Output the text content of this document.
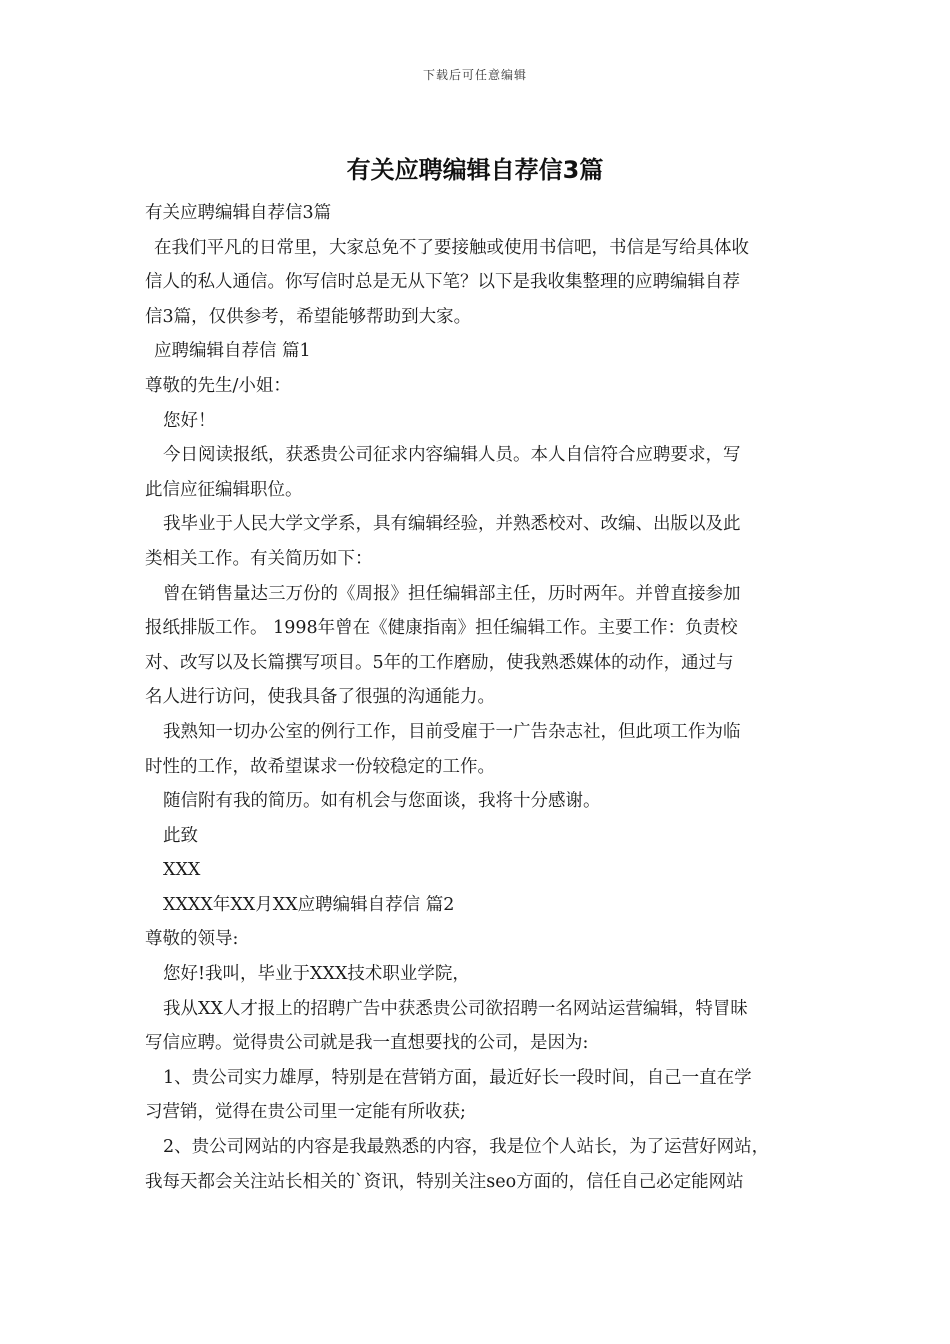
下载后可任意编辑
有关应聘编辑自荐信3篇
有关应聘编辑自荐信3篇
在我们平凡的日常里，大家总免不了要接触或使用书信吧，书信是写给具体收
信人的私人通信。你写信时总是无从下笔？以下是我收集整理的应聘编辑自荐
信3篇，仅供参考，希望能够帮助到大家。
应聘编辑自荐信 篇1
尊敬的先生/小姐：
您好！
今日阅读报纸，获悉贵公司征求内容编辑人员。本人自信符合应聘要求，写
此信应征编辑职位。
我毕业于人民大学文学系，具有编辑经验，并熟悉校对、改编、出版以及此
类相关工作。有关简历如下：
曾在销售量达三万份的《周报》担任编辑部主任，历时两年。并曾直接参加
报纸排版工作。 1998年曾在《健康指南》担任编辑工作。主要工作：负责校
对、改写以及长篇撰写项目。5年的工作磨励，使我熟悉媒体的动作，通过与
名人进行访问，使我具备了很强的沟通能力。
我熟知一切办公室的例行工作，目前受雇于一广告杂志社，但此项工作为临
时性的工作，故希望谋求一份较稳定的工作。
随信附有我的简历。如有机会与您面谈，我将十分感谢。
此致
XXX
XXXX年XX月XX应聘编辑自荐信 篇2
尊敬的领导:
您好!我叫，毕业于XXX技术职业学院，
我从XX人才报上的招聘广告中获悉贵公司欲招聘一名网站运营编辑，特冒昧
写信应聘。觉得贵公司就是我一直想要找的公司，是因为:
1、贵公司实力雄厚，特别是在营销方面，最近好长一段时间，自己一直在学
习营销，觉得在贵公司里一定能有所收获;
2、贵公司网站的内容是我最熟悉的内容，我是位个人站长，为了运营好网站，
我每天都会关注站长相关的`资讯，特别关注seo方面的，信任自己必定能网站
